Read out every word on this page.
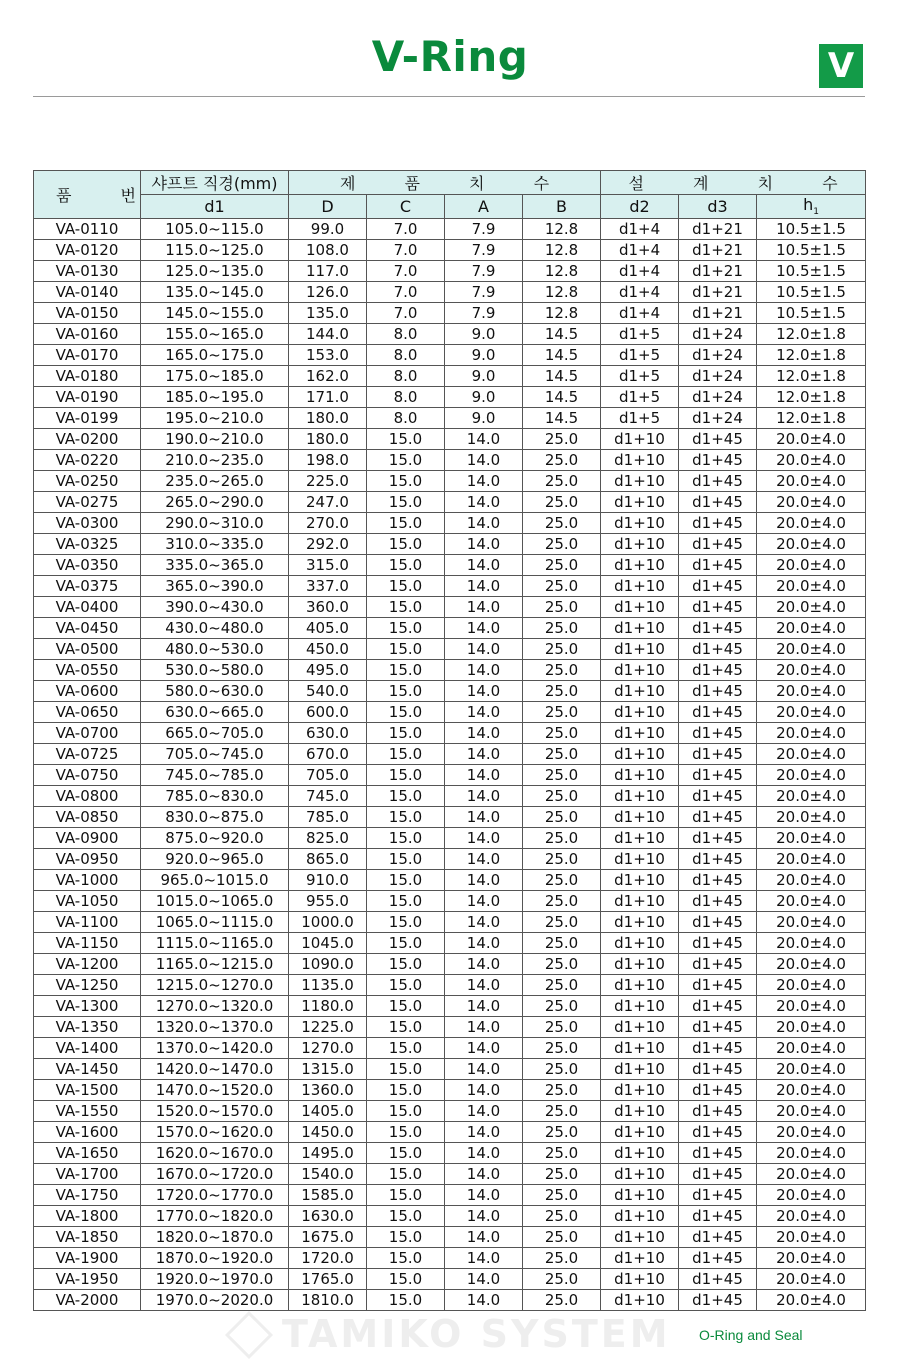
V-Ring	V
품 번	샤프트 직경(mm)	제 품 치 수				설 계 치 수		
	d1	D	C	A	B	d2	d3	$h_1$
VA-0110	105.0~115.0	99.0	7.0	7.9	12.8	d1+4	d1+21	10.5±1.5
VA-0120	115.0~125.0	108.0	7.0	7.9	12.8	d1+4	d1+21	10.5±1.5
VA-0130	125.0~135.0	117.0	7.0	7.9	12.8	d1+4	d1+21	10.5±1.5
VA-0140	135.0~145.0	126.0	7.0	7.9	12.8	d1+4	d1+21	10.5±1.5
VA-0150	145.0~155.0	135.0	7.0	7.9	12.8	d1+4	d1+21	10.5±1.5
VA-0160	155.0~165.0	144.0	8.0	9.0	14.5	d1+5	d1+24	12.0±1.8
VA-0170	165.0~175.0	153.0	8.0	9.0	14.5	d1+5	d1+24	12.0±1.8
VA-0180	175.0~185.0	162.0	8.0	9.0	14.5	d1+5	d1+24	12.0±1.8
VA-0190	185.0~195.0	171.0	8.0	9.0	14.5	d1+5	d1+24	12.0±1.8
VA-0199	195.0~210.0	180.0	8.0	9.0	14.5	d1+5	d1+24	12.0±1.8
VA-0200	190.0~210.0	180.0	15.0	14.0	25.0	d1+10	d1+45	20.0±4.0
VA-0220	210.0~235.0	198.0	15.0	14.0	25.0	d1+10	d1+45	20.0±4.0
VA-0250	235.0~265.0	225.0	15.0	14.0	25.0	d1+10	d1+45	20.0±4.0
VA-0275	265.0~290.0	247.0	15.0	14.0	25.0	d1+10	d1+45	20.0±4.0
VA-0300	290.0~310.0	270.0	15.0	14.0	25.0	d1+10	d1+45	20.0±4.0
VA-0325	310.0~335.0	292.0	15.0	14.0	25.0	d1+10	d1+45	20.0±4.0
VA-0350	335.0~365.0	315.0	15.0	14.0	25.0	d1+10	d1+45	20.0±4.0
VA-0375	365.0~390.0	337.0	15.0	14.0	25.0	d1+10	d1+45	20.0±4.0
VA-0400	390.0~430.0	360.0	15.0	14.0	25.0	d1+10	d1+45	20.0±4.0
VA-0450	430.0~480.0	405.0	15.0	14.0	25.0	d1+10	d1+45	20.0±4.0
VA-0500	480.0~530.0	450.0	15.0	14.0	25.0	d1+10	d1+45	20.0±4.0
VA-0550	530.0~580.0	495.0	15.0	14.0	25.0	d1+10	d1+45	20.0±4.0
VA-0600	580.0~630.0	540.0	15.0	14.0	25.0	d1+10	d1+45	20.0±4.0
VA-0650	630.0~665.0	600.0	15.0	14.0	25.0	d1+10	d1+45	20.0±4.0
VA-0700	665.0~705.0	630.0	15.0	14.0	25.0	d1+10	d1+45	20.0±4.0
VA-0725	705.0~745.0	670.0	15.0	14.0	25.0	d1+10	d1+45	20.0±4.0
VA-0750	745.0~785.0	705.0	15.0	14.0	25.0	d1+10	d1+45	20.0±4.0
VA-0800	785.0~830.0	745.0	15.0	14.0	25.0	d1+10	d1+45	20.0±4.0
VA-0850	830.0~875.0	785.0	15.0	14.0	25.0	d1+10	d1+45	20.0±4.0
VA-0900	875.0~920.0	825.0	15.0	14.0	25.0	d1+10	d1+45	20.0±4.0
VA-0950	920.0~965.0	865.0	15.0	14.0	25.0	d1+10	d1+45	20.0±4.0
VA-1000	965.0~1015.0	910.0	15.0	14.0	25.0	d1+10	d1+45	20.0±4.0
VA-1050	1015.0~1065.0	955.0	15.0	14.0	25.0	d1+10	d1+45	20.0±4.0
VA-1100	1065.0~1115.0	1000.0	15.0	14.0	25.0	d1+10	d1+45	20.0±4.0
VA-1150	1115.0~1165.0	1045.0	15.0	14.0	25.0	d1+10	d1+45	20.0±4.0
VA-1200	1165.0~1215.0	1090.0	15.0	14.0	25.0	d1+10	d1+45	20.0±4.0
VA-1250	1215.0~1270.0	1135.0	15.0	14.0	25.0	d1+10	d1+45	20.0±4.0
VA-1300	1270.0~1320.0	1180.0	15.0	14.0	25.0	d1+10	d1+45	20.0±4.0
VA-1350	1320.0~1370.0	1225.0	15.0	14.0	25.0	d1+10	d1+45	20.0±4.0
VA-1400	1370.0~1420.0	1270.0	15.0	14.0	25.0	d1+10	d1+45	20.0±4.0
VA-1450	1420.0~1470.0	1315.0	15.0	14.0	25.0	d1+10	d1+45	20.0±4.0
VA-1500	1470.0~1520.0	1360.0	15.0	14.0	25.0	d1+10	d1+45	20.0±4.0
VA-1550	1520.0~1570.0	1405.0	15.0	14.0	25.0	d1+10	d1+45	20.0±4.0
VA-1600	1570.0~1620.0	1450.0	15.0	14.0	25.0	d1+10	d1+45	20.0±4.0
VA-1650	1620.0~1670.0	1495.0	15.0	14.0	25.0	d1+10	d1+45	20.0±4.0
VA-1700	1670.0~1720.0	1540.0	15.0	14.0	25.0	d1+10	d1+45	20.0±4.0
VA-1750	1720.0~1770.0	1585.0	15.0	14.0	25.0	d1+10	d1+45	20.0±4.0
VA-1800	1770.0~1820.0	1630.0	15.0	14.0	25.0	d1+10	d1+45	20.0±4.0
VA-1850	1820.0~1870.0	1675.0	15.0	14.0	25.0	d1+10	d1+45	20.0±4.0
VA-1900	1870.0~1920.0	1720.0	15.0	14.0	25.0	d1+10	d1+45	20.0±4.0
VA-1950	1920.0~1970.0	1765.0	15.0	14.0	25.0	d1+10	d1+45	20.0±4.0
VA-2000	1970.0~2020.0	1810.0	15.0	14.0	25.0	d1+10	d1+45	20.0±4.0
TAMIKO SYSTEM O-Ring and Seal
